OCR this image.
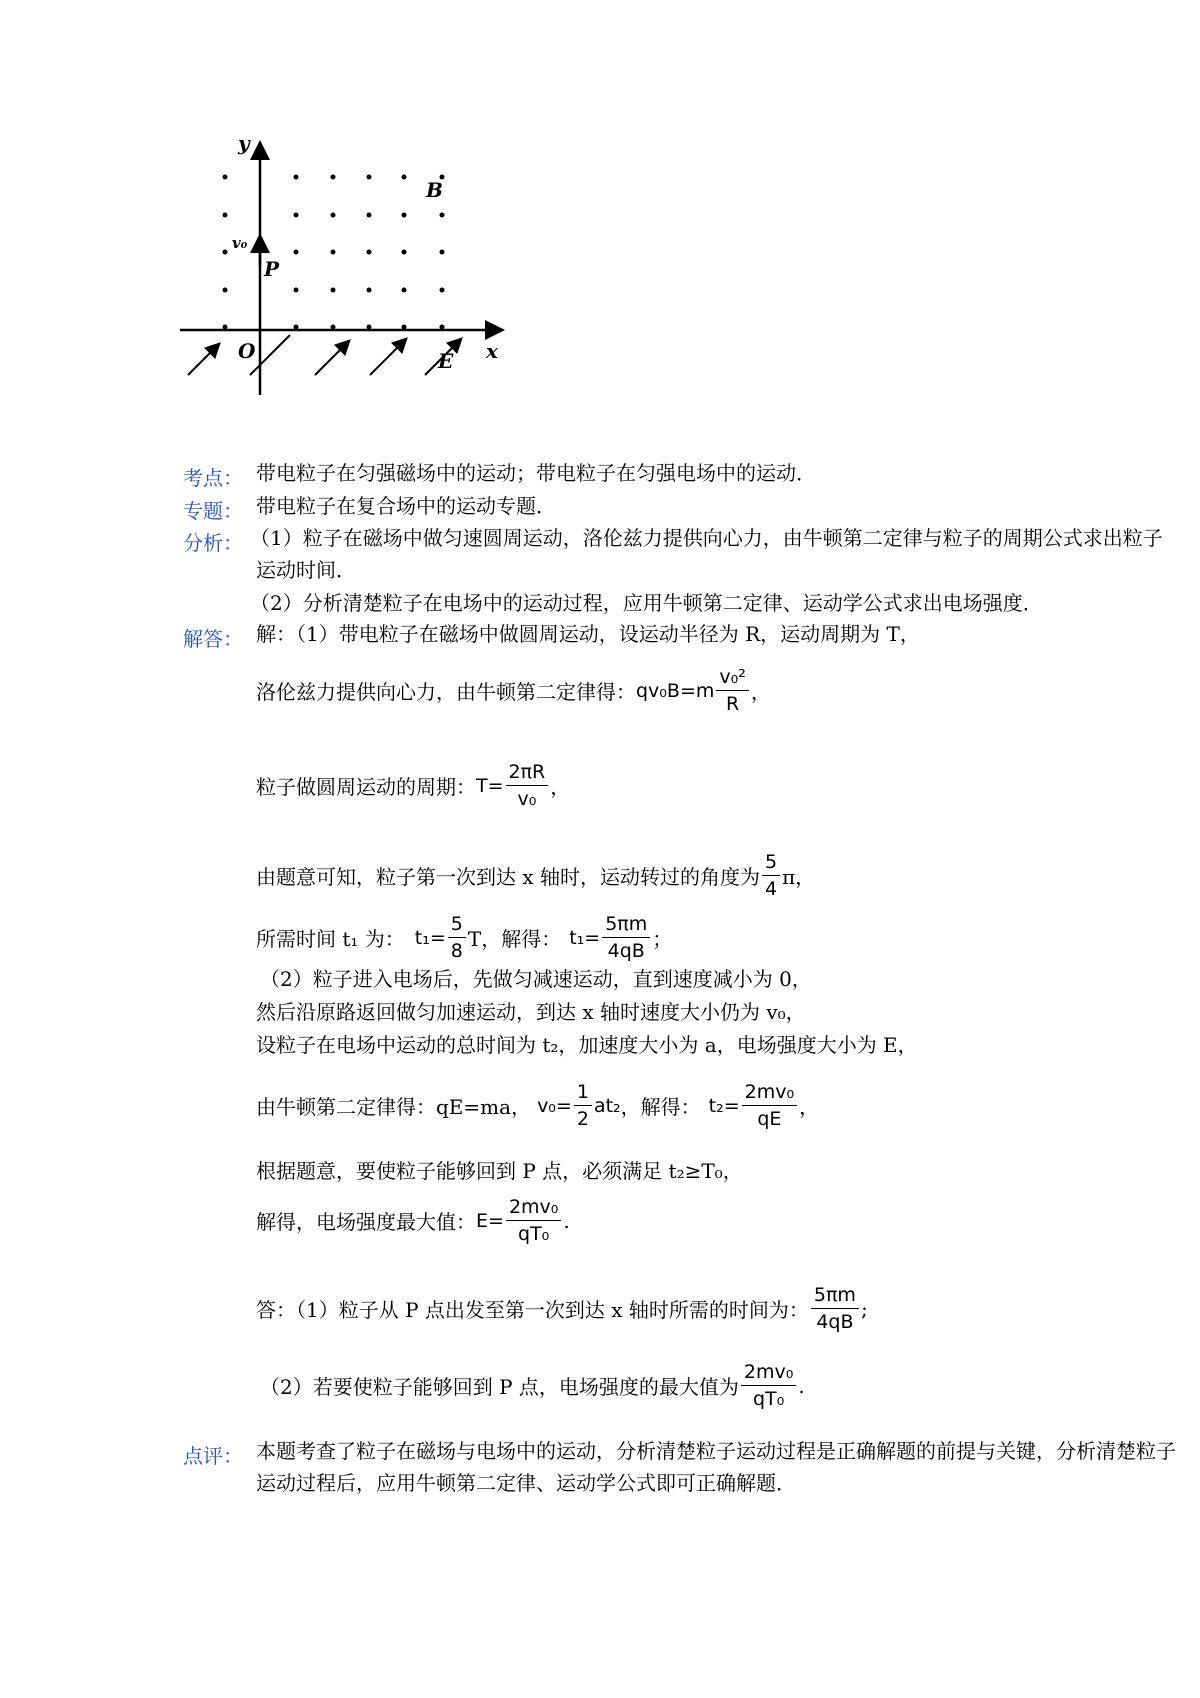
y
x
O
P
B
E
v₀
考点： 带电粒子在匀强磁场中的运动；带电粒子在匀强电场中的运动．
专题： 带电粒子在复合场中的运动专题．
分析： （1）粒子在磁场中做匀速圆周运动，洛伦兹力提供向心力，由牛顿第二定律与粒子的周期公式求出粒子
运动时间．
（2）分析清楚粒子在电场中的运动过程，应用牛顿第二定律、运动学公式求出电场强度．
解答： 解：（1）带电粒子在磁场中做圆周运动，设运动半径为 R，运动周期为 T，
洛伦兹力提供向心力，由牛顿第二定律得： qv₀B=m
v₀²
R ，
粒子做圆周运动的周期： $T= \frac{2\pi R}{\text{v₀}}$ ，
由题意可知，粒子第一次到达 x 轴时，运动转过的角度为
5
4 π，
所需时间 t₁ 为： $t_1= \frac{5}{8}$ T，解得： $t_1= \frac{5\pi m}{4qB}$ ；
（2）粒子进入电场后，先做匀减速运动，直到速度减小为 0，
然后沿原路返回做匀加速运动，到达 x 轴时速度大小仍为 v₀，
设粒子在电场中运动的总时间为 t₂，加速度大小为 a，电场强度大小为 E，
由牛顿第二定律得：qE=ma， $v_0= \frac{1}{2} at_2$ ，解得： $t_2= \frac{\text{2mv₀}}{qE}$ ，
根据题意，要使粒子能够回到 P 点，必须满足 t₂≥T₀，
解得，电场强度最大值： $E= \frac{\text{2mv₀}}{\text{qT₀}}$ .
答：（1）粒子从 P 点出发至第一次到达 x 轴时所需的时间为：
5πm
4qB
;
（2）若要使粒子能够回到 P 点，电场强度的最大值为
2mv₀
qT₀
.
点评： 本题考查了粒子在磁场与电场中的运动，分析清楚粒子运动过程是正确解题的前提与关键，分析清楚粒子
运动过程后，应用牛顿第二定律、运动学公式即可正确解题．
